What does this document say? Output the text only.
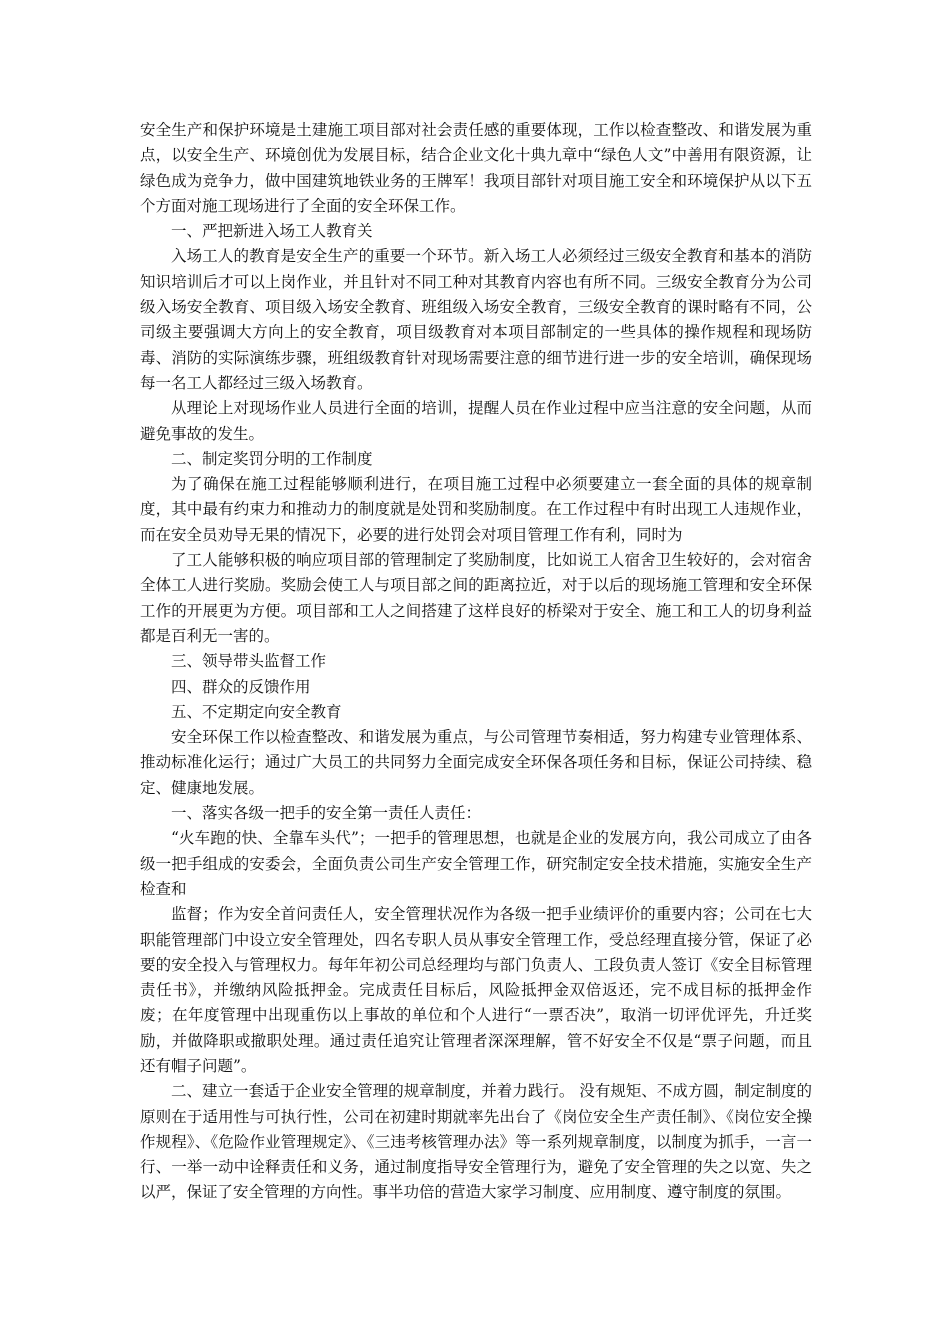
安全生产和保护环境是土建施工项目部对社会责任感的重要体现，工作以检查整改、和谐发展为重点，以安全生产、环境创优为发展目标，结合企业文化十典九章中“绿色人文”中善用有限资源，让绿色成为竞争力，做中国建筑地铁业务的王牌军！我项目部针对项目施工安全和环境保护从以下五个方面对施工现场进行了全面的安全环保工作。

一、严把新进入场工人教育关

入场工人的教育是安全生产的重要一个环节。新入场工人必须经过三级安全教育和基本的消防知识培训后才可以上岗作业，并且针对不同工种对其教育内容也有所不同。三级安全教育分为公司级入场安全教育、项目级入场安全教育、班组级入场安全教育，三级安全教育的课时略有不同，公司级主要强调大方向上的安全教育，项目级教育对本项目部制定的一些具体的操作规程和现场防毒、消防的实际演练步骤，班组级教育针对现场需要注意的细节进行进一步的安全培训，确保现场每一名工人都经过三级入场教育。

从理论上对现场作业人员进行全面的培训，提醒人员在作业过程中应当注意的安全问题，从而避免事故的发生。

二、制定奖罚分明的工作制度

为了确保在施工过程能够顺利进行，在项目施工过程中必须要建立一套全面的具体的规章制度，其中最有约束力和推动力的制度就是处罚和奖励制度。在工作过程中有时出现工人违规作业，而在安全员劝导无果的情况下，必要的进行处罚会对项目管理工作有利，同时为

了工人能够积极的响应项目部的管理制定了奖励制度，比如说工人宿舍卫生较好的，会对宿舍全体工人进行奖励。奖励会使工人与项目部之间的距离拉近，对于以后的现场施工管理和安全环保工作的开展更为方便。项目部和工人之间搭建了这样良好的桥梁对于安全、施工和工人的切身利益都是百利无一害的。

三、领导带头监督工作

四、群众的反馈作用

五、不定期定向安全教育

安全环保工作以检查整改、和谐发展为重点，与公司管理节奏相适，努力构建专业管理体系、推动标准化运行；通过广大员工的共同努力全面完成安全环保各项任务和目标，保证公司持续、稳定、健康地发展。

一、落实各级一把手的安全第一责任人责任：

“火车跑的快、全靠车头代”；一把手的管理思想，也就是企业的发展方向，我公司成立了由各级一把手组成的安委会，全面负责公司生产安全管理工作，研究制定安全技术措施，实施安全生产检查和

监督；作为安全首问责任人，安全管理状况作为各级一把手业绩评价的重要内容；公司在七大职能管理部门中设立安全管理处，四名专职人员从事安全管理工作，受总经理直接分管，保证了必要的安全投入与管理权力。每年年初公司总经理均与部门负责人、工段负责人签订《安全目标管理责任书》，并缴纳风险抵押金。完成责任目标后，风险抵押金双倍返还，完不成目标的抵押金作废；在年度管理中出现重伤以上事故的单位和个人进行“一票否决”，取消一切评优评先，升迁奖励，并做降职或撤职处理。通过责任追究让管理者深深理解，管不好安全不仅是“票子问题，而且还有帽子问题”。

二、建立一套适于企业安全管理的规章制度，并着力践行。 没有规矩、不成方圆，制定制度的原则在于适用性与可执行性，公司在初建时期就率先出台了《岗位安全生产责任制》、《岗位安全操作规程》、《危险作业管理规定》、《三违考核管理办法》等一系列规章制度，以制度为抓手，一言一行、一举一动中诠释责任和义务，通过制度指导安全管理行为，避免了安全管理的失之以宽、失之以严，保证了安全管理的方向性。事半功倍的营造大家学习制度、应用制度、遵守制度的氛围。
